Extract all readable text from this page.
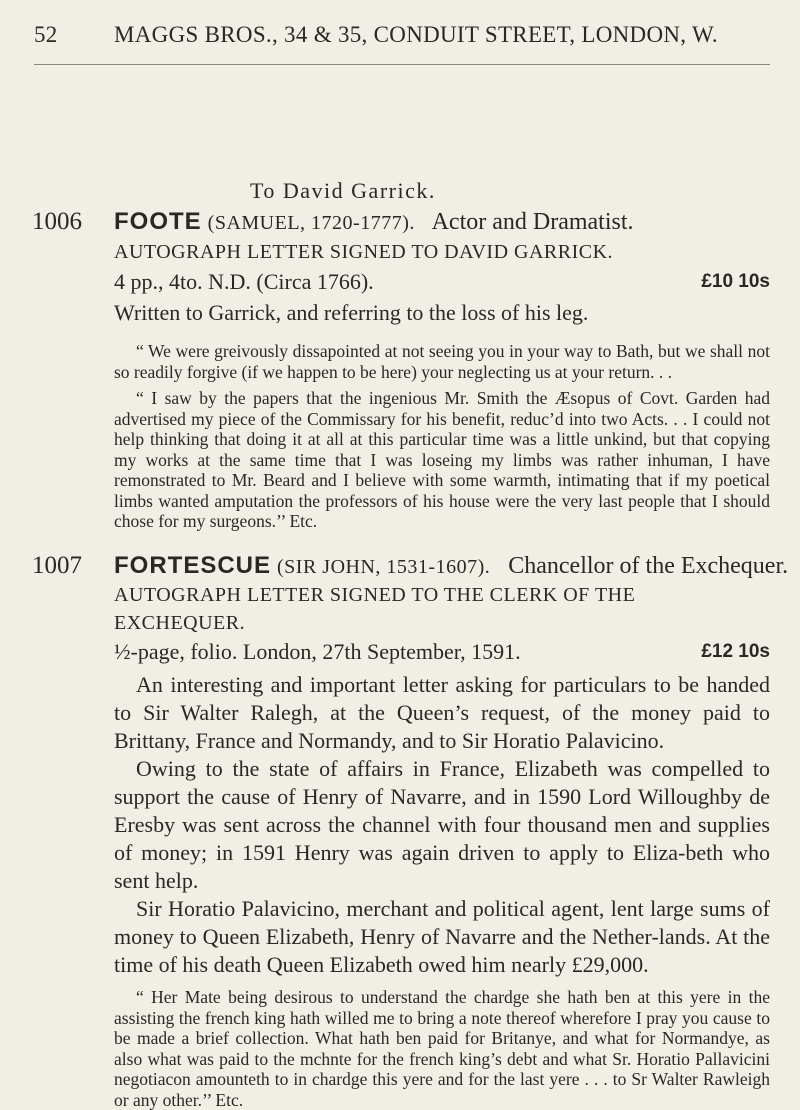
52	MAGGS BROS., 34 & 35, CONDUIT STREET, LONDON, W.
To David Garrick.
1006 FOOTE (SAMUEL, 1720-1777). Actor and Dramatist.
AUTOGRAPH LETTER SIGNED TO DAVID GARRICK.
4 pp., 4to. N.D. (Circa 1766).	£10 10s
Written to Garrick, and referring to the loss of his leg.

“ We were greivously dissapointed at not seeing you in your way to Bath, but we shall not so readily forgive (if we happen to be here) your neglecting us at your return. . .

“ I saw by the papers that the ingenious Mr. Smith the Æsopus of Covt. Garden had advertised my piece of the Commissary for his benefit, reduc’d into two Acts. . . I could not help thinking that doing it at all at this particular time was a little unkind, but that copying my works at the same time that I was loseing my limbs was rather inhuman, I have remonstrated to Mr. Beard and I believe with some warmth, intimating that if my poetical limbs wanted amputation the professors of his house were the very last people that I should chose for my surgeons.’’ Etc.

1007 FORTESCUE (SIR JOHN, 1531-1607). Chancellor of the Exchequer.
AUTOGRAPH LETTER SIGNED TO THE CLERK OF THE EXCHEQUER.
½-page, folio. London, 27th September, 1591.	£12 10s

An interesting and important letter asking for particulars to be handed to Sir Walter Ralegh, at the Queen’s request, of the money paid to Brittany, France and Normandy, and to Sir Horatio Palavicino.

Owing to the state of affairs in France, Elizabeth was compelled to support the cause of Henry of Navarre, and in 1590 Lord Willoughby de Eresby was sent across the channel with four thousand men and supplies of money; in 1591 Henry was again driven to apply to Eliza-beth who sent help.

Sir Horatio Palavicino, merchant and political agent, lent large sums of money to Queen Elizabeth, Henry of Navarre and the Nether-lands. At the time of his death Queen Elizabeth owed him nearly £29,000.

“ Her Mate being desirous to understand the chardge she hath ben at this yere in the assisting the french king hath willed me to bring a note thereof wherefore I pray you cause to be made a brief collection. What hath ben paid for Britanye, and what for Normandye, as also what was paid to the mchnte for the french king’s debt and what Sr. Horatio Pallavicini negotiacon amounteth to in chardge this yere and for the last yere . . . to Sr Walter Rawleigh or any other.’’ Etc.
